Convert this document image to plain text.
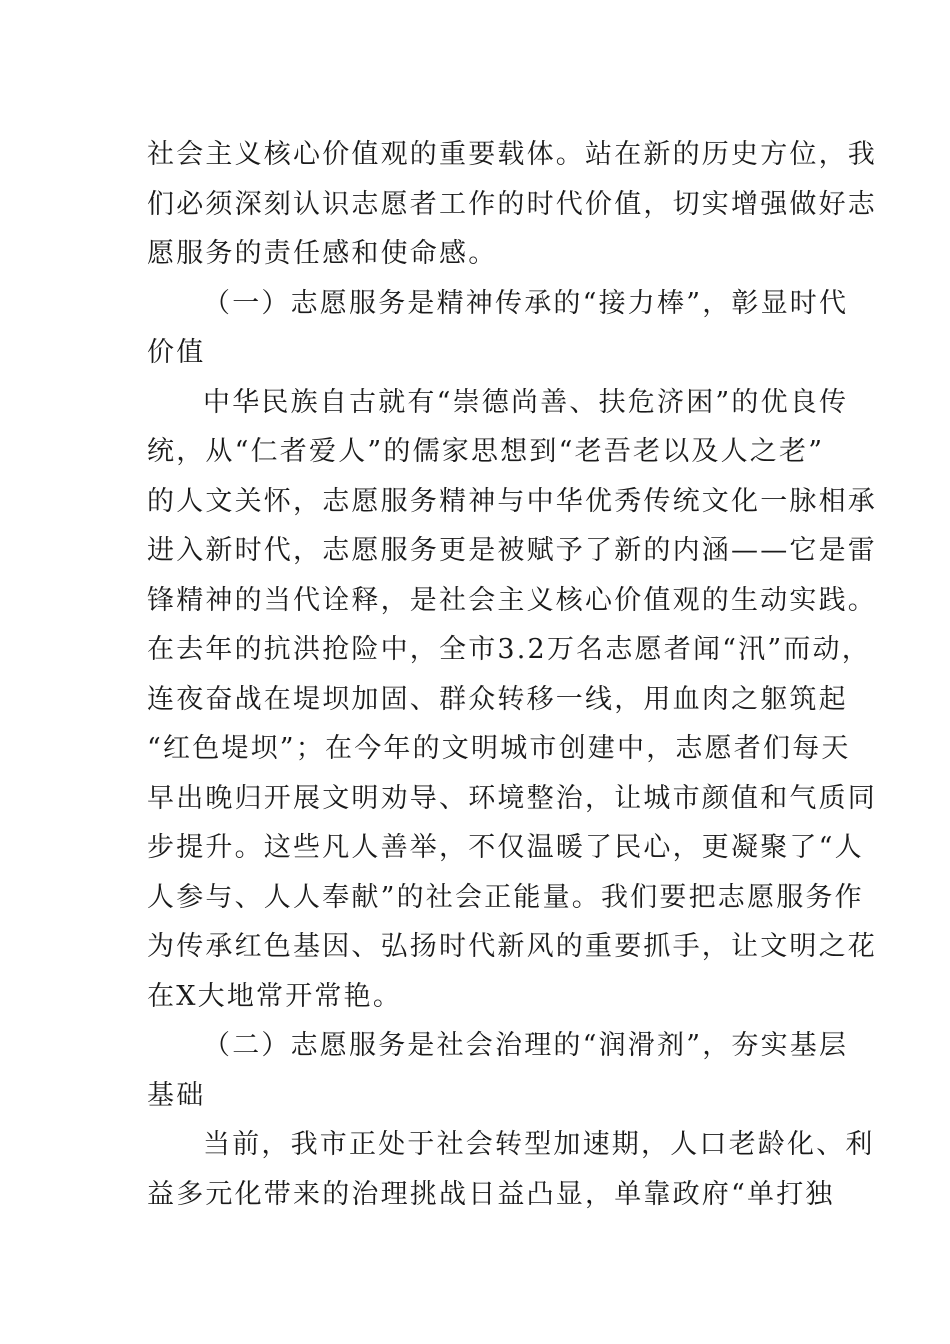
社会主义核心价值观的重要载体。站在新的历史方位，我
们必须深刻认识志愿者工作的时代价值，切实增强做好志
愿服务的责任感和使命感。
（一）志愿服务是精神传承的“接力棒”，彰显时代
价值
中华民族自古就有“崇德尚善、扶危济困”的优良传
统，从“仁者爱人”的儒家思想到“老吾老以及人之老”
的人文关怀，志愿服务精神与中华优秀传统文化一脉相承
进入新时代，志愿服务更是被赋予了新的内涵——它是雷
锋精神的当代诠释，是社会主义核心价值观的生动实践。
在去年的抗洪抢险中，全市3.2万名志愿者闻“汛”而动，
连夜奋战在堤坝加固、群众转移一线，用血肉之躯筑起
“红色堤坝”；在今年的文明城市创建中，志愿者们每天
早出晚归开展文明劝导、环境整治，让城市颜值和气质同
步提升。这些凡人善举，不仅温暖了民心，更凝聚了“人
人参与、人人奉献”的社会正能量。我们要把志愿服务作
为传承红色基因、弘扬时代新风的重要抓手，让文明之花
在X大地常开常艳。
（二）志愿服务是社会治理的“润滑剂”，夯实基层
基础
当前，我市正处于社会转型加速期，人口老龄化、利
益多元化带来的治理挑战日益凸显，单靠政府“单打独
